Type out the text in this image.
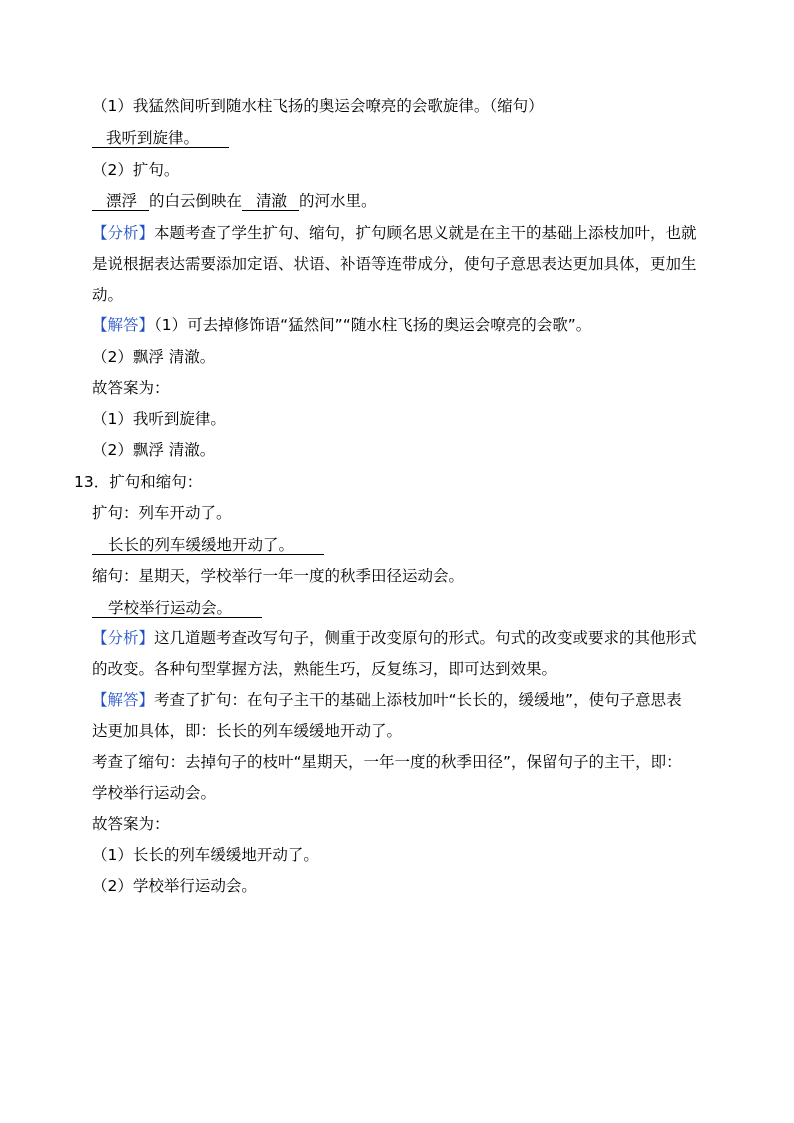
（1）我猛然间听到随水柱飞扬的奥运会嘹亮的会歌旋律。（缩句）
我听到旋律。
（2）扩句。
漂浮 的白云倒映在 清澈 的河水里。
【分析】本题考查了学生扩句、缩句，扩句顾名思义就是在主干的基础上添枝加叶，也就
是说根据表达需要添加定语、状语、补语等连带成分，使句子意思表达更加具体，更加生
动。
【解答】（1）可去掉修饰语“猛然间”“随水柱飞扬的奥运会嘹亮的会歌”。
（2）飘浮 清澈。
故答案为：
（1）我听到旋律。
（2）飘浮 清澈。
13．扩句和缩句：
扩句：列车开动了。
长长的列车缓缓地开动了。
缩句：星期天，学校举行一年一度的秋季田径运动会。
学校举行运动会。
【分析】这几道题考查改写句子，侧重于改变原句的形式。句式的改变或要求的其他形式
的改变。各种句型掌握方法，熟能生巧，反复练习，即可达到效果。
【解答】考查了扩句：在句子主干的基础上添枝加叶“长长的，缓缓地”，使句子意思表
达更加具体，即：长长的列车缓缓地开动了。
考查了缩句：去掉句子的枝叶“星期天，一年一度的秋季田径”，保留句子的主干，即：
学校举行运动会。
故答案为：
（1）长长的列车缓缓地开动了。
（2）学校举行运动会。
